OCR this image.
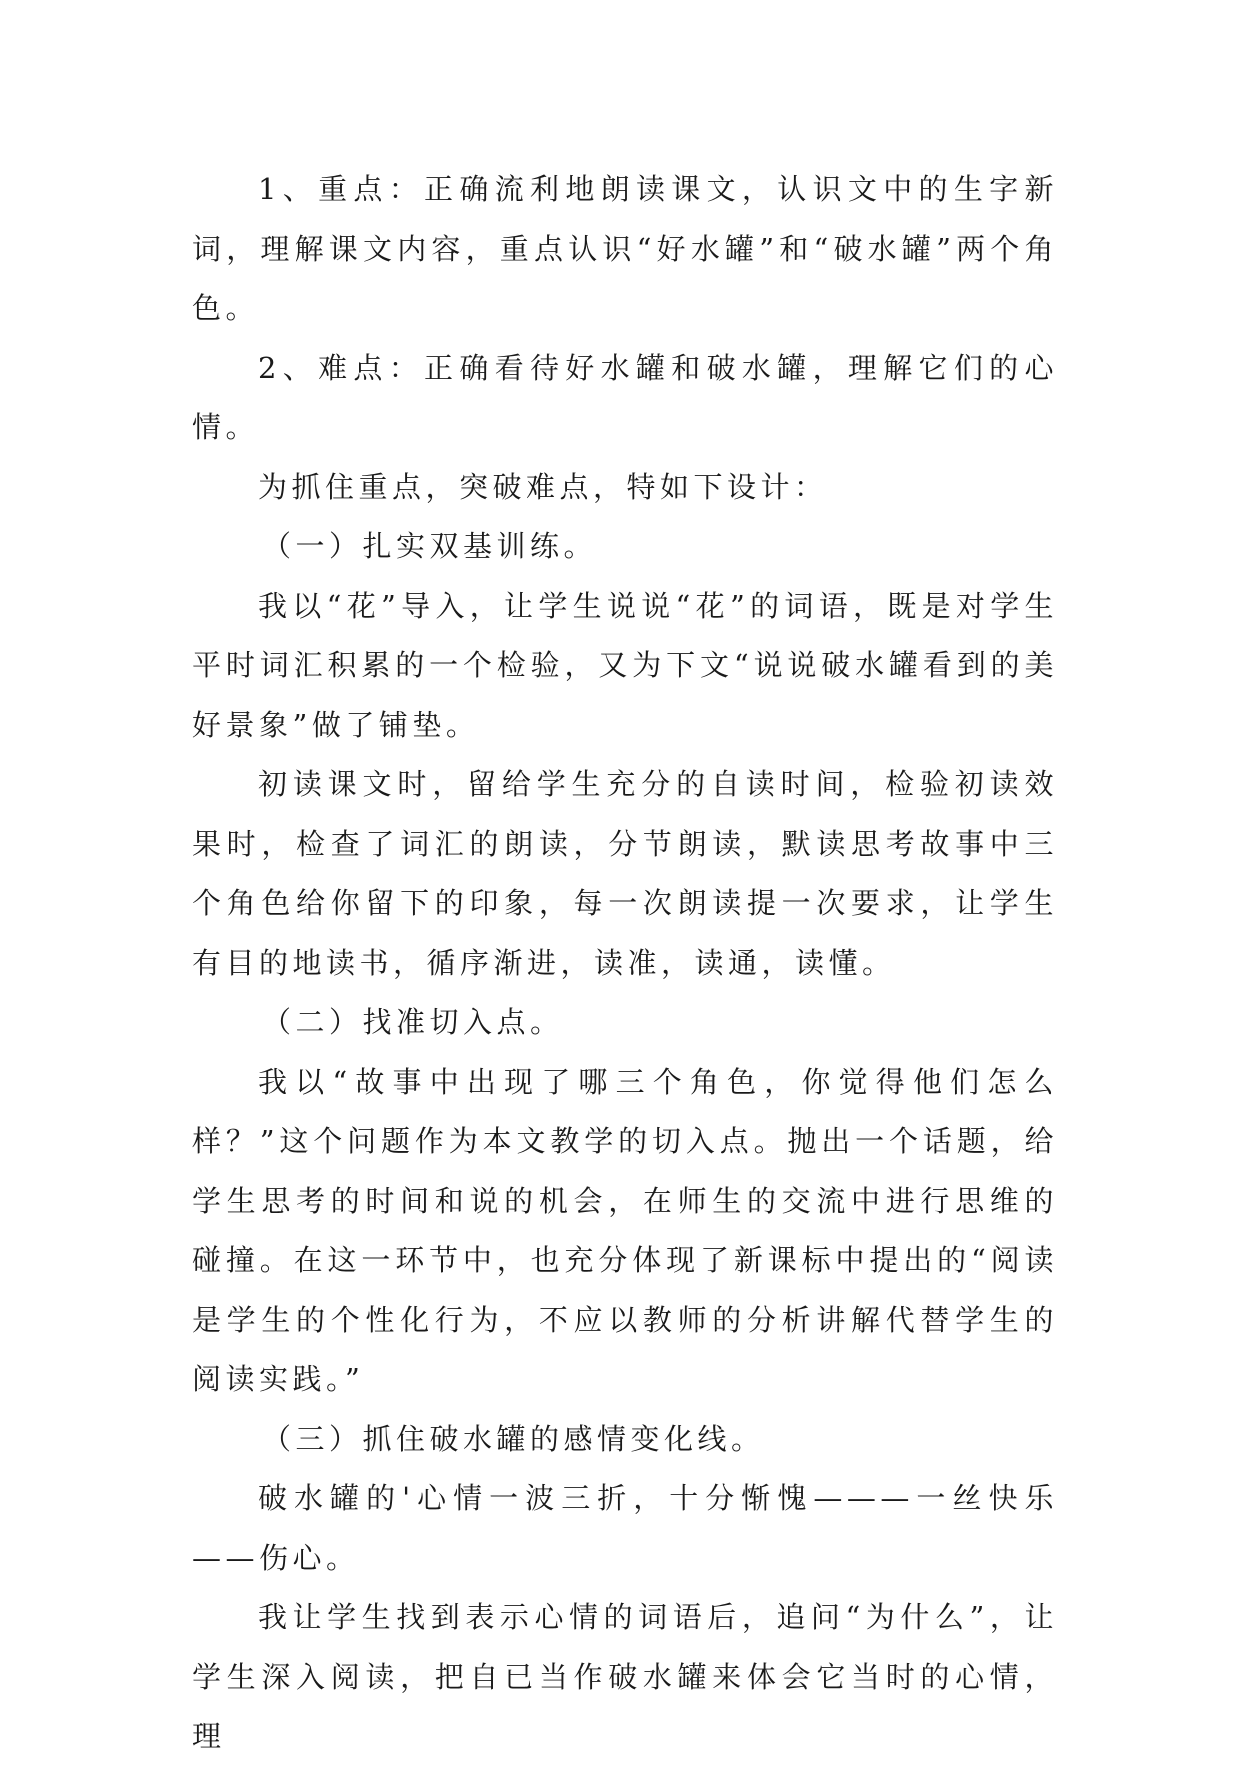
1、重点：正确流利地朗读课文，认识文中的生字新词，理解课文内容，重点认识“好水罐”和“破水罐”两个角色。

2、难点：正确看待好水罐和破水罐，理解它们的心情。

为抓住重点，突破难点，特如下设计：

（一）扎实双基训练。

我以“花”导入，让学生说说“花”的词语，既是对学生平时词汇积累的一个检验，又为下文“说说破水罐看到的美好景象”做了铺垫。

初读课文时，留给学生充分的自读时间，检验初读效果时，检查了词汇的朗读，分节朗读，默读思考故事中三个角色给你留下的印象，每一次朗读提一次要求，让学生有目的地读书，循序渐进，读准，读通，读懂。

（二）找准切入点。

我以“故事中出现了哪三个角色，你觉得他们怎么样？”这个问题作为本文教学的切入点。抛出一个话题，给学生思考的时间和说的机会，在师生的交流中进行思维的碰撞。在这一环节中，也充分体现了新课标中提出的“阅读是学生的个性化行为，不应以教师的分析讲解代替学生的阅读实践。”

（三）抓住破水罐的感情变化线。

破水罐的'心情一波三折，十分惭愧———一丝快乐——伤心。

我让学生找到表示心情的词语后，追问“为什么”，让学生深入阅读，把自已当作破水罐来体会它当时的心情，理
